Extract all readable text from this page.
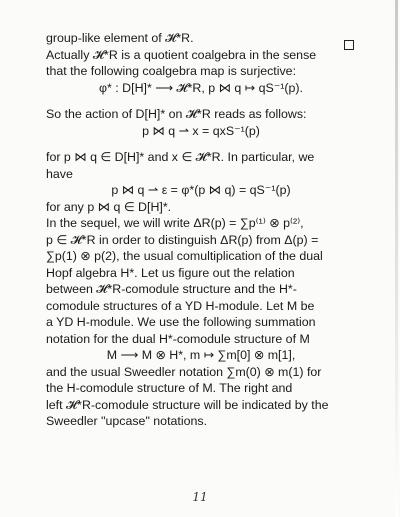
group-like element of 𝓗*R.

Actually 𝓗*R is a quotient coalgebra in the sense

that the following coalgebra map is surjective:

φ* : D[H]* ⟶ 𝓗*R, p ⋈ q ↦ qS⁻¹(p).

So the action of D[H]* on 𝓗*R reads as follows:

p ⋈ q ⇀ x = qxS⁻¹(p)

for p ⋈ q ∈ D[H]* and x ∈ 𝓗*R. In particular, we

have

p ⋈ q ⇀ ε = φ*(p ⋈ q) = qS⁻¹(p)

for any p ⋈ q ∈ D[H]*.

In the sequel, we will write ΔR(p) = ∑p⁽¹⁾ ⊗ p⁽²⁾,

p ∈ 𝓗*R in order to distinguish ΔR(p) from Δ(p) =

∑p(1) ⊗ p(2), the usual comultiplication of the dual

Hopf algebra H*. Let us figure out the relation

between 𝓗*R-comodule structure and the H*-

comodule structures of a YD H-module. Let M be

a YD H-module. We use the following summation

notation for the dual H*-comodule structure of M

M ⟶ M ⊗ H*, m ↦ ∑m[0] ⊗ m[1],

and the usual Sweedler notation ∑m(0) ⊗ m(1) for

the H-comodule structure of M. The right and

left 𝓗*R-comodule structure will be indicated by the

Sweedler "upcase" notations.

11
